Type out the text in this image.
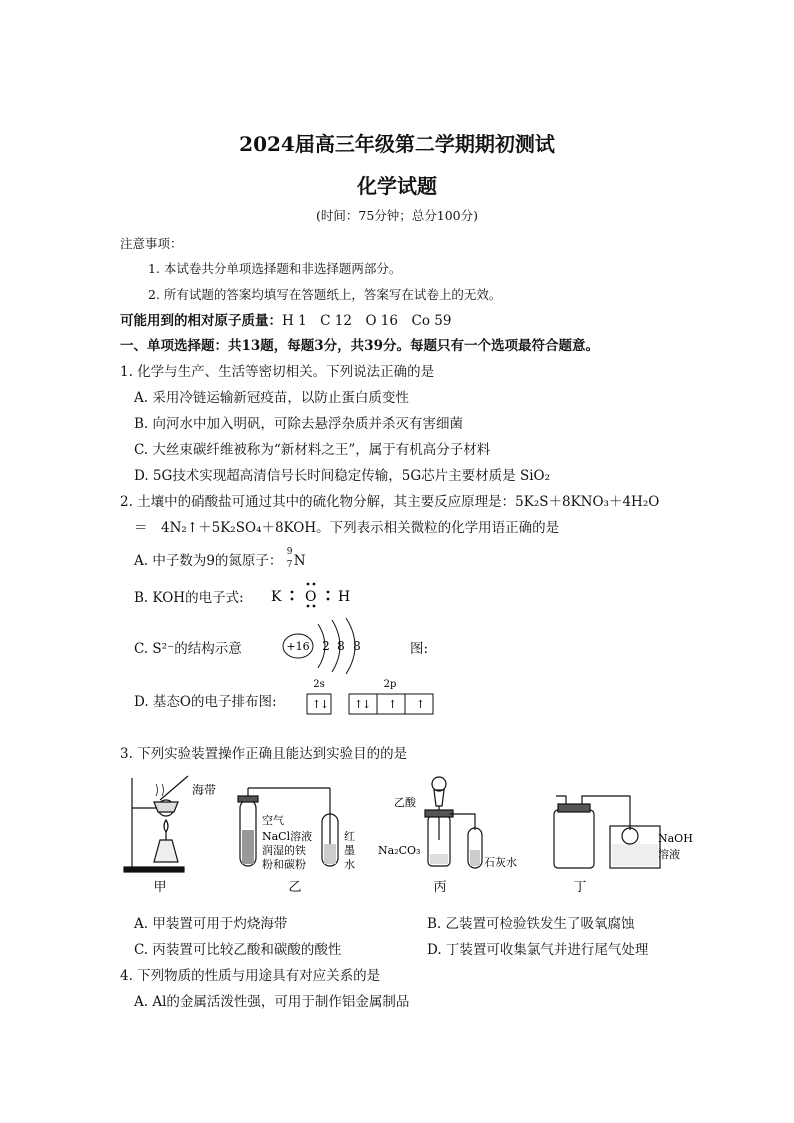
2024届高三年级第二学期期初测试
化学试题
(时间：75分钟；总分100分)
注意事项：
1. 本试卷共分单项选择题和非选择题两部分。
2. 所有试题的答案均填写在答题纸上，答案写在试卷上的无效。
可能用到的相对原子质量：H 1　C 12　O 16　Co 59
一、单项选择题：共13题，每题3分，共39分。每题只有一个选项最符合题意。
1. 化学与生产、生活等密切相关。下列说法正确的是
A. 采用冷链运输新冠疫苗，以防止蛋白质变性
B. 向河水中加入明矾，可除去悬浮杂质并杀灭有害细菌
C. 大丝束碳纤维被称为“新材料之王”，属于有机高分子材料
D. 5G技术实现超高清信号长时间稳定传输，5G芯片主要材质是 SiO₂
2. 土壤中的硝酸盐可通过其中的硫化物分解，其主要反应原理是：5K₂S＋8KNO₃＋4H₂O
＝　4N₂↑＋5K₂SO₄＋8KOH。下列表示相关微粒的化学用语正确的是
A. 中子数为9的氮原子：
9
7 N
B. KOH的电子式: K O H
C. S²⁻的结构示意	+16 2 8 8	图:
D. 基态O的电子排布图:
2s	2p
↑
↓ ↑
↓ ↑ ↑
3. 下列实验装置操作正确且能达到实验目的的是
海带
空气
NaCl溶液
润湿的铁
粉和碳粉
红
墨
水
乙酸
Na₂CO₃
石灰水
NaOH
溶液
甲	乙	丙	丁
A. 甲装置可用于灼烧海带	B. 乙装置可检验铁发生了吸氧腐蚀
C. 丙装置可比较乙酸和碳酸的酸性	D. 丁装置可收集氯气并进行尾气处理
4. 下列物质的性质与用途具有对应关系的是
A. Al的金属活泼性强，可用于制作铝金属制品
